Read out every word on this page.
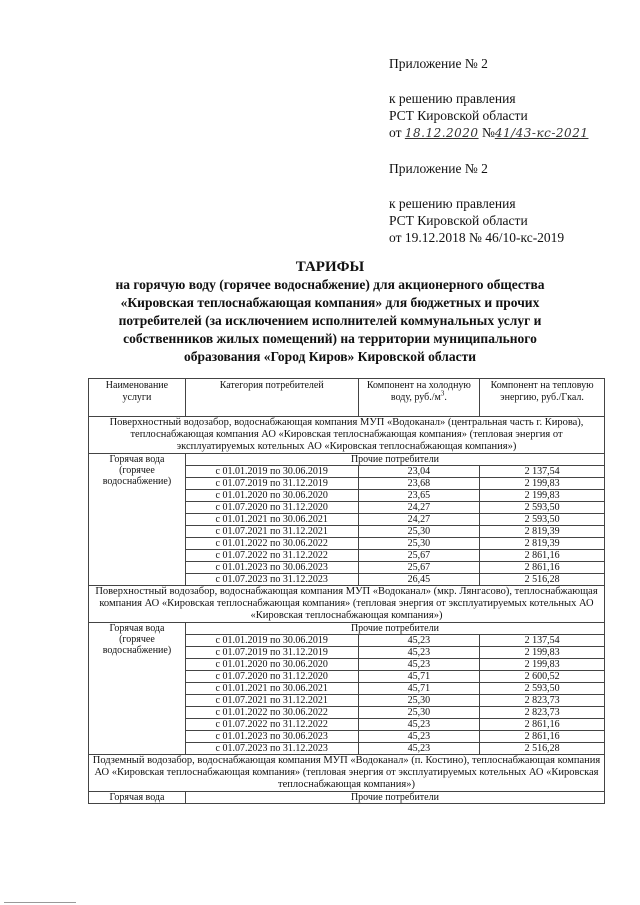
Приложение № 2
к решению правления
РСТ Кировской области
от 18.12.2020 №41/43-кс-2021
Приложение № 2
к решению правления
РСТ Кировской области
от 19.12.2018 № 46/10-кс-2019
ТАРИФЫ
на горячую воду (горячее водоснабжение) для акционерного общества «Кировская теплоснабжающая компания» для бюджетных и прочих потребителей (за исключением исполнителей коммунальных услуг и собственников жилых помещений) на территории муниципального образования «Город Киров» Кировской области
Наименование услуги	Категория потребителей	Компонент на холодную воду, $руб./м^3$.	Компонент на тепловую энергию, руб./Гкал.
Поверхностный водозабор, водоснабжающая компания МУП «Водоканал» (центральная часть г. Кирова), теплоснабжающая компания АО «Кировская теплоснабжающая компания» (тепловая энергия от эксплуатируемых котельных АО «Кировская теплоснабжающая компания»)			
Горячая вода (горячее водоснабжение)	Прочие потребители		
	с 01.01.2019 по 30.06.2019	23,04	2 137,54
	с 01.07.2019 по 31.12.2019	23,68	2 199,83
	с 01.01.2020 по 30.06.2020	23,65	2 199,83
	с 01.07.2020 по 31.12.2020	24,27	2 593,50
	с 01.01.2021 по 30.06.2021	24,27	2 593,50
	с 01.07.2021 по 31.12.2021	25,30	2 819,39
	с 01.01.2022 по 30.06.2022	25,30	2 819,39
	с 01.07.2022 по 31.12.2022	25,67	2 861,16
	с 01.01.2023 по 30.06.2023	25,67	2 861,16
	с 01.07.2023 по 31.12.2023	26,45	2 516,28
Поверхностный водозабор, водоснабжающая компания МУП «Водоканал» (мкр. Лянгасово), теплоснабжающая компания АО «Кировская теплоснабжающая компания» (тепловая энергия от эксплуатируемых котельных АО «Кировская теплоснабжающая компания»)			
Горячая вода (горячее водоснабжение)	Прочие потребители		
	с 01.01.2019 по 30.06.2019	45,23	2 137,54
	с 01.07.2019 по 31.12.2019	45,23	2 199,83
	с 01.01.2020 по 30.06.2020	45,23	2 199,83
	с 01.07.2020 по 31.12.2020	45,71	2 600,52
	с 01.01.2021 по 30.06.2021	45,71	2 593,50
	с 01.07.2021 по 31.12.2021	25,30	2 823,73
	с 01.01.2022 по 30.06.2022	25,30	2 823,73
	с 01.07.2022 по 31.12.2022	45,23	2 861,16
	с 01.01.2023 по 30.06.2023	45,23	2 861,16
	с 01.07.2023 по 31.12.2023	45,23	2 516,28
Подземный водозабор, водоснабжающая компания МУП «Водоканал» (п. Костино), теплоснабжающая компания АО «Кировская теплоснабжающая компания» (тепловая энергия от эксплуатируемых котельных АО «Кировская теплоснабжающая компания»)			
Горячая вода	Прочие потребители		
